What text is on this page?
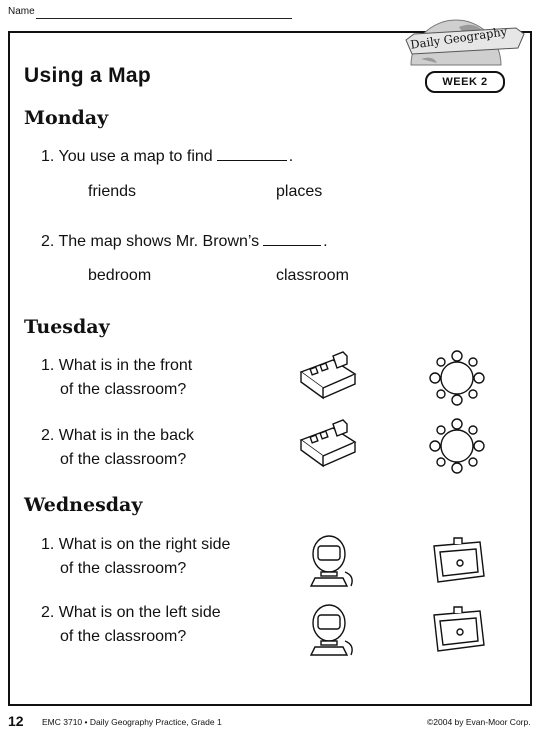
Name
Daily Geography
WEEK 2
Using a Map
Monday
1. You use a map to find	.
friends	places
2. The map shows Mr. Brown’s	.
bedroom	classroom
Tuesday
1. What is in the front
of the classroom?
2. What is in the back
of the classroom?
Wednesday
1. What is on the right side
of the classroom?
2. What is on the left side
of the classroom?
12 EMC 3710 • Daily Geography Practice, Grade 1	©2004 by Evan-Moor Corp.
